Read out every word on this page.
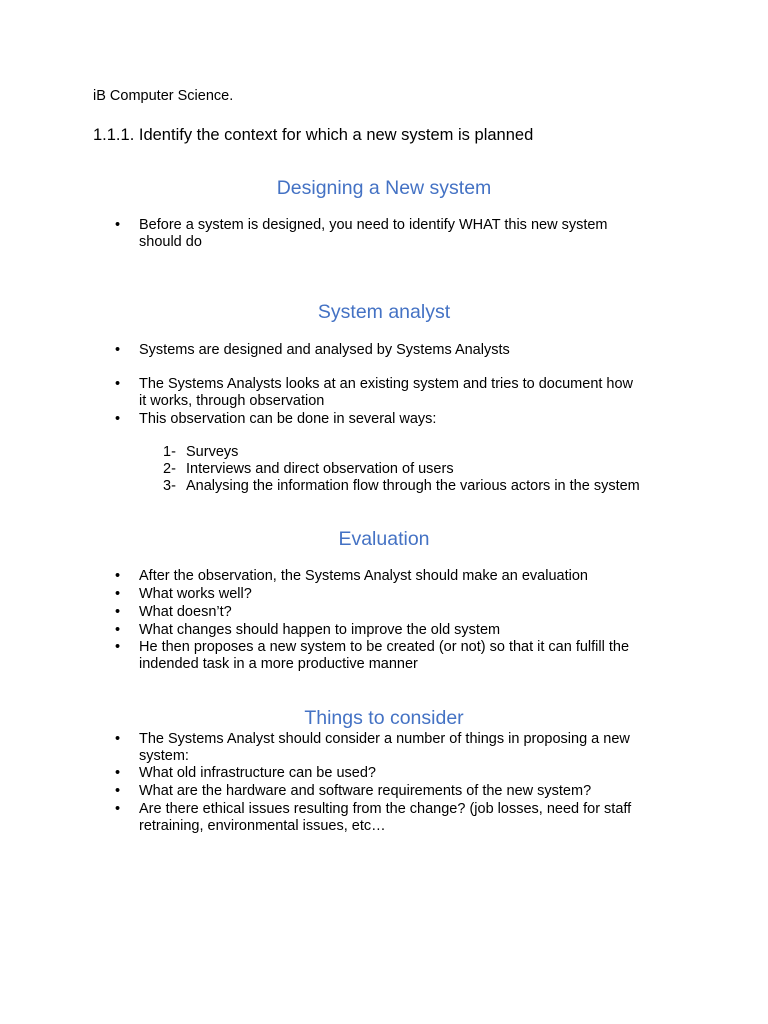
iB Computer Science.
1.1.1. Identify the context for which a new system is planned
Designing a New system
•	Before a system is designed, you need to identify WHAT this new system
should do
System analyst
•	Systems are designed and analysed by Systems Analysts
•	The Systems Analysts looks at an existing system and tries to document how
it works, through observation
•	This observation can be done in several ways:
1- Surveys
2- Interviews and direct observation of users
3- Analysing the information flow through the various actors in the system
Evaluation
•	After the observation, the Systems Analyst should make an evaluation
•	What works well?
•	What doesn’t?
•	What changes should happen to improve the old system
•	He then proposes a new system to be created (or not) so that it can fulfill the
indended task in a more productive manner
Things to consider
•	The Systems Analyst should consider a number of things in proposing a new
system:
•	What old infrastructure can be used?
•	What are the hardware and software requirements of the new system?
•	Are there ethical issues resulting from the change? (job losses, need for staff
retraining, environmental issues, etc…
